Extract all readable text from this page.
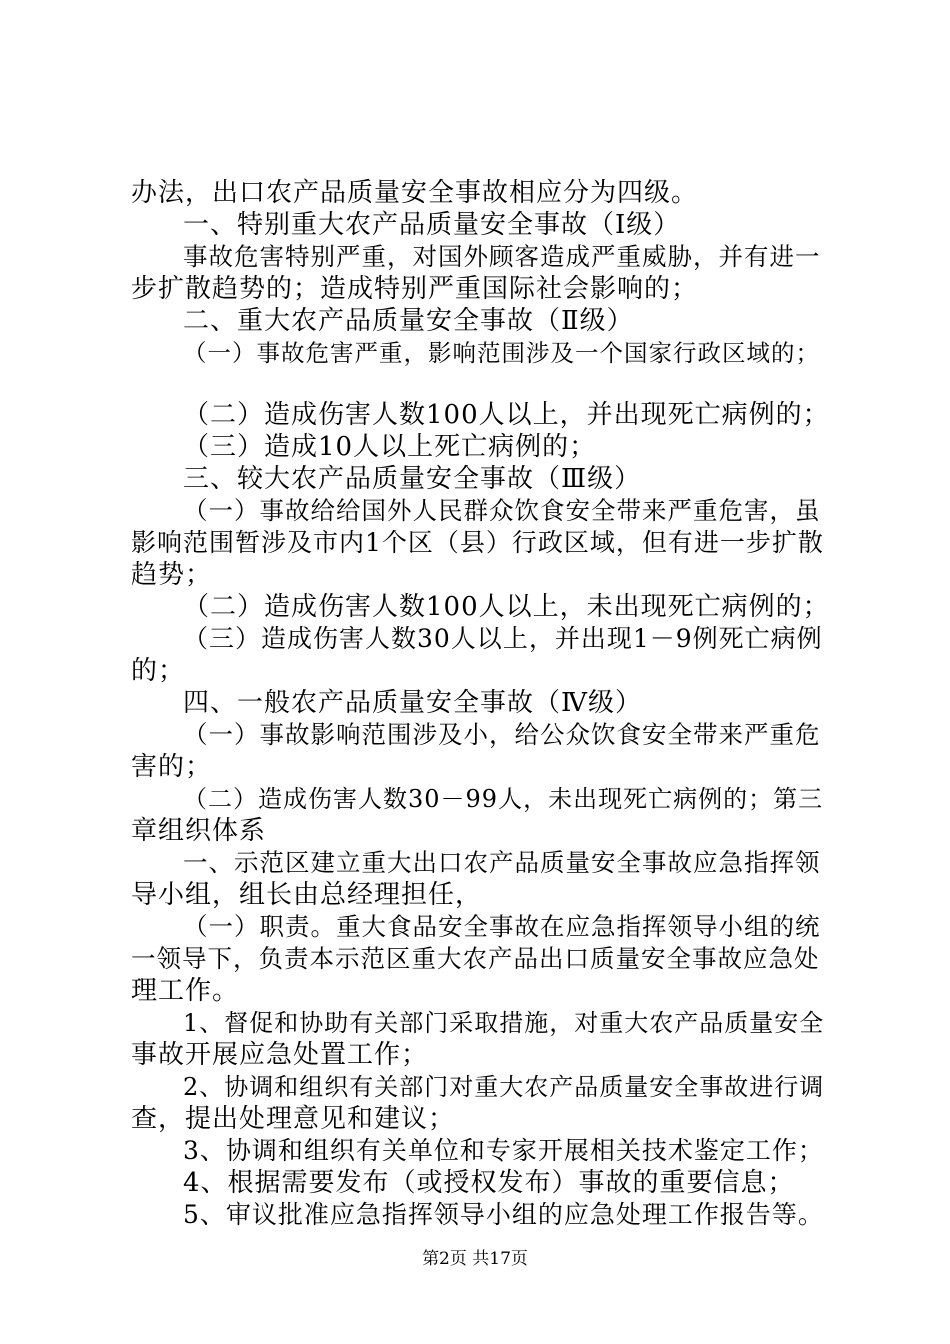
办法，出口农产品质量安全事故相应分为四级。
一、特别重大农产品质量安全事故（Ⅰ级）
事故危害特别严重，对国外顾客造成严重威胁，并有进一
步扩散趋势的；造成特别严重国际社会影响的；
二、重大农产品质量安全事故（Ⅱ级）
（一）事故危害严重，影响范围涉及一个国家行政区域的；
（二）造成伤害人数100人以上，并出现死亡病例的；
（三）造成10人以上死亡病例的；
三、较大农产品质量安全事故（Ⅲ级）
（一）事故给给国外人民群众饮食安全带来严重危害，虽
影响范围暂涉及市内1个区（县）行政区域，但有进一步扩散
趋势；
（二）造成伤害人数100人以上，未出现死亡病例的；
（三）造成伤害人数30人以上，并出现1－9例死亡病例
的；
四、一般农产品质量安全事故（Ⅳ级）
（一）事故影响范围涉及小，给公众饮食安全带来严重危
害的；
（二）造成伤害人数30－99人，未出现死亡病例的；第三
章组织体系
一、示范区建立重大出口农产品质量安全事故应急指挥领
导小组，组长由总经理担任，
（一）职责。重大食品安全事故在应急指挥领导小组的统
一领导下，负责本示范区重大农产品出口质量安全事故应急处
理工作。
1、督促和协助有关部门采取措施，对重大农产品质量安全
事故开展应急处置工作；
2、协调和组织有关部门对重大农产品质量安全事故进行调
查，提出处理意见和建议；
3、协调和组织有关单位和专家开展相关技术鉴定工作；
4、根据需要发布（或授权发布）事故的重要信息；
5、审议批准应急指挥领导小组的应急处理工作报告等。
第2页 共17页
